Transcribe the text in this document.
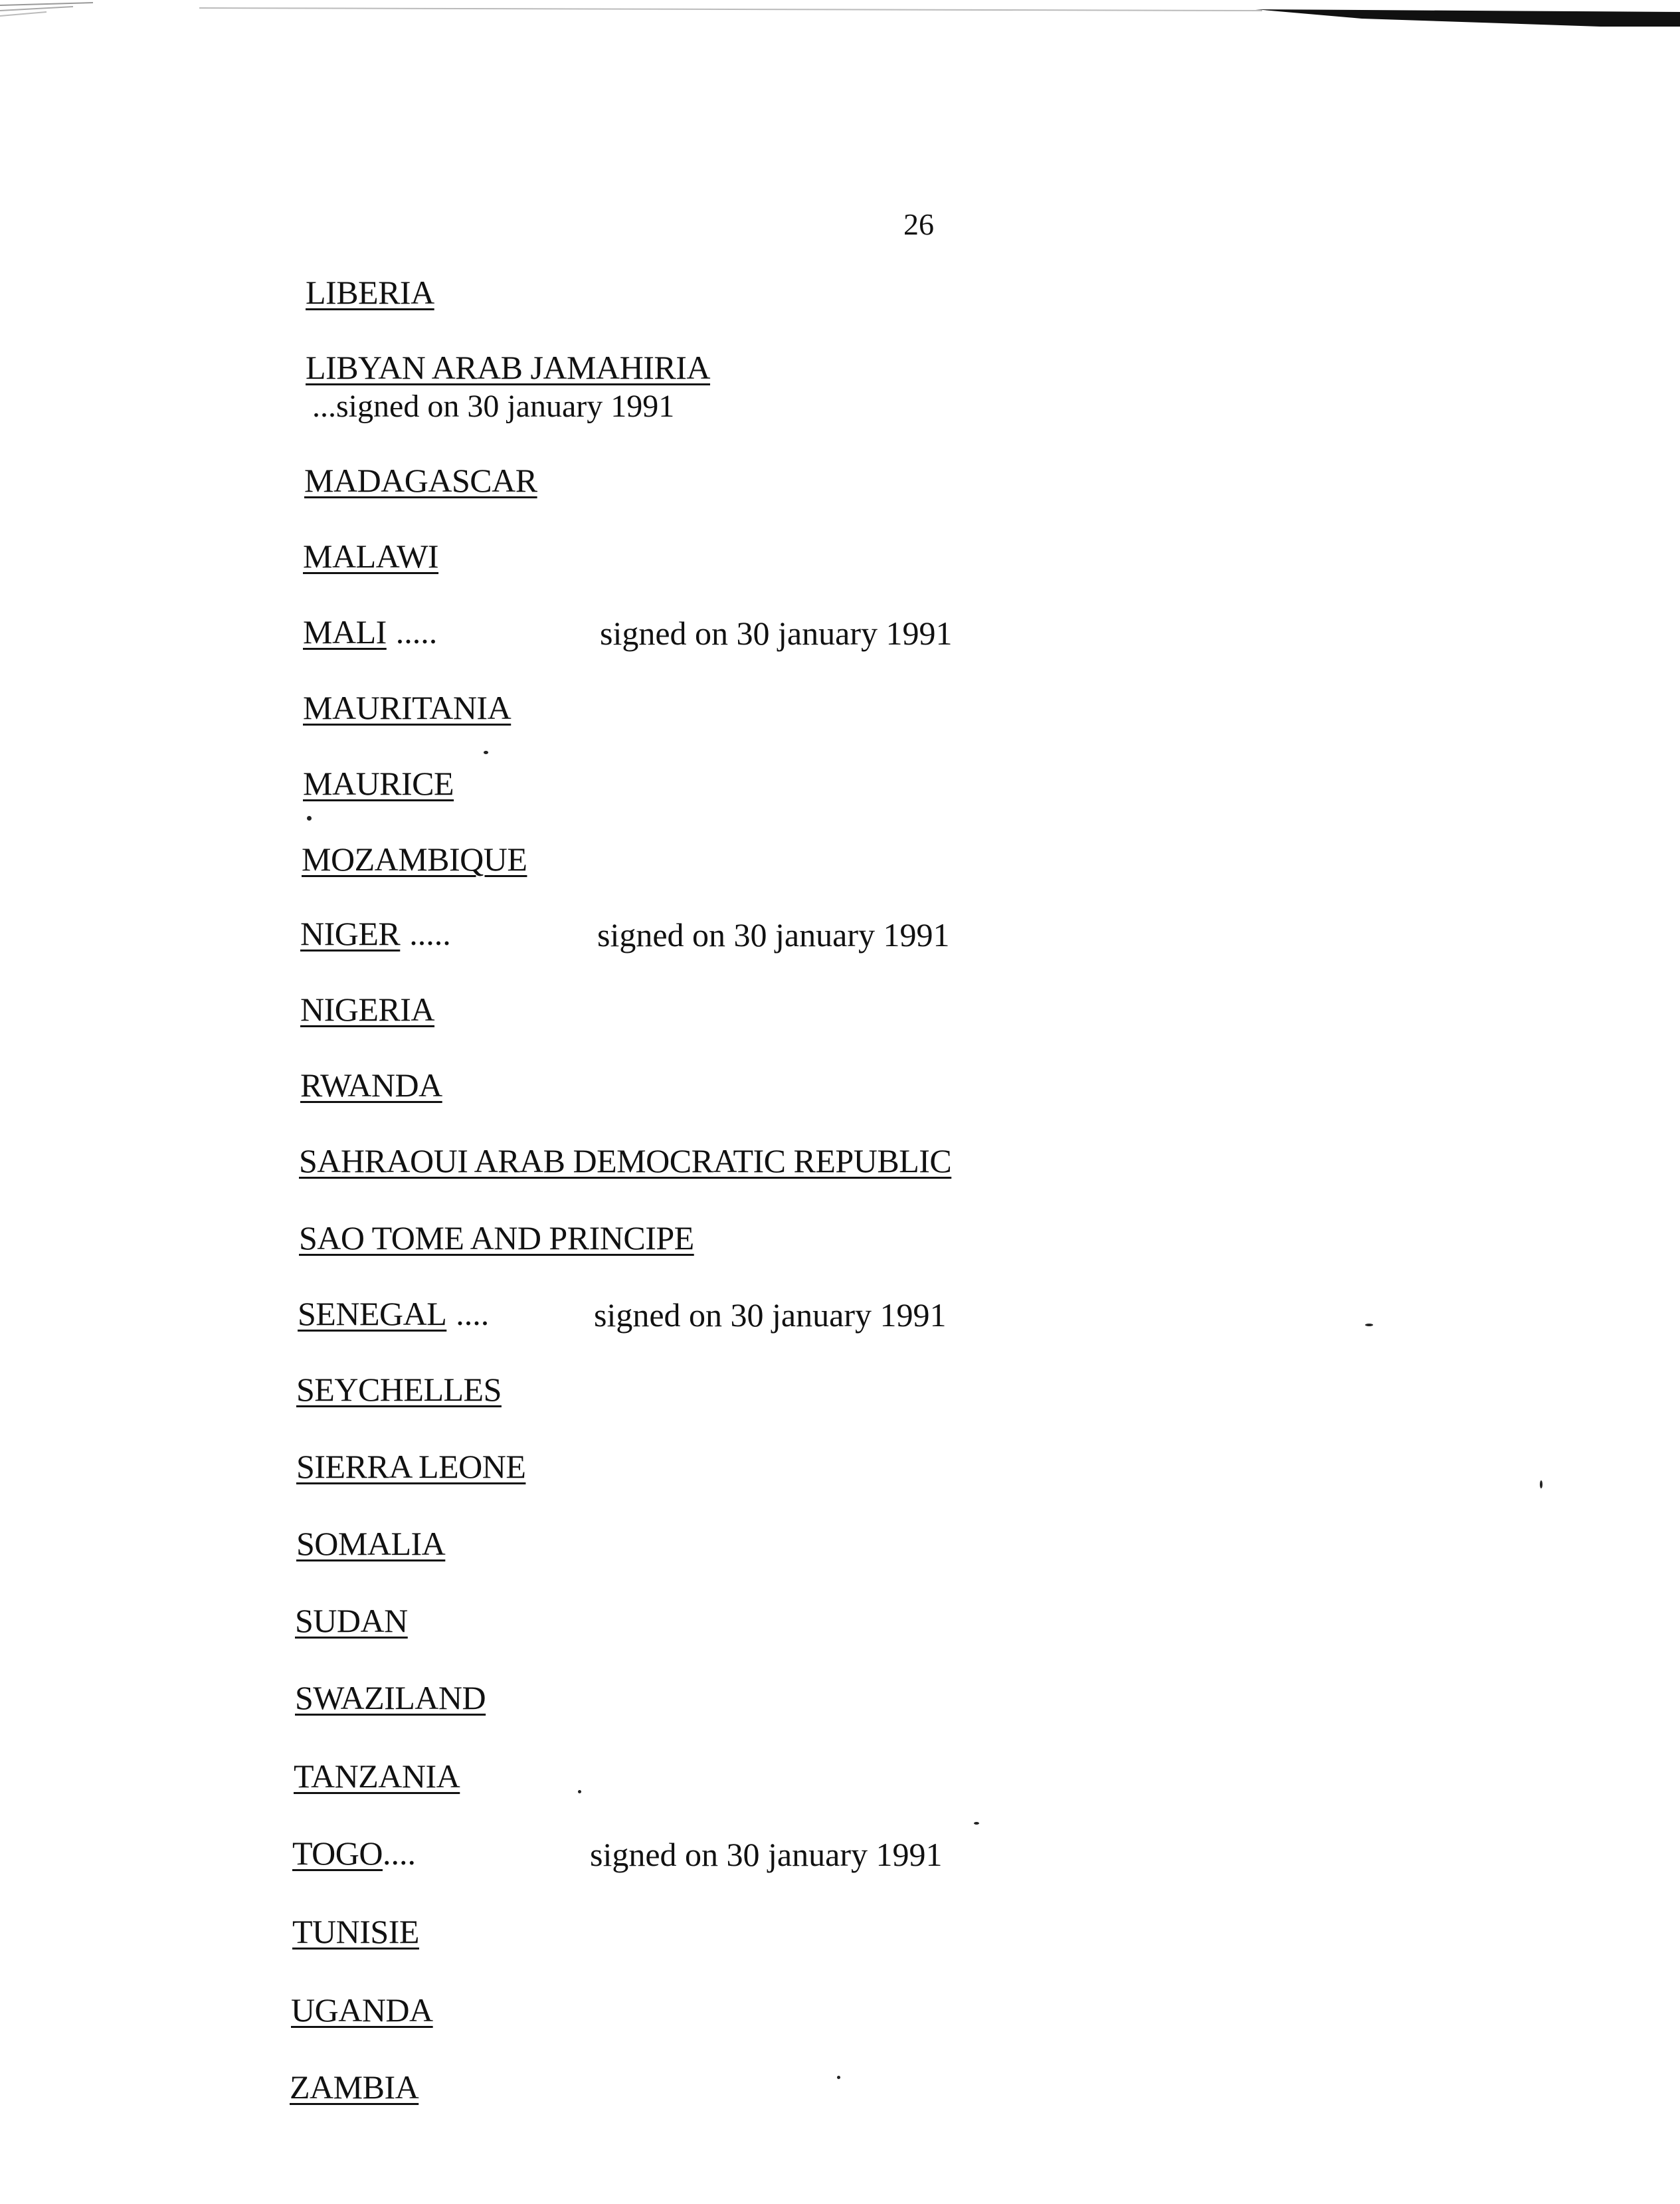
26
LIBERIA
LIBYAN ARAB JAMAHIRIA
...signed on 30 january 1991
MADAGASCAR
MALAWI
MALI .....	signed on 30 january 1991
MAURITANIA
MAURICE
MOZAMBIQUE
NIGER .....	signed on 30 january 1991
NIGERIA
RWANDA
SAHRAOUI ARAB DEMOCRATIC REPUBLIC
SAO TOME AND PRINCIPE
SENEGAL ....	signed on 30 january 1991
SEYCHELLES
SIERRA LEONE
SOMALIA
SUDAN
SWAZILAND
TANZANIA
TOGO....	signed on 30 january 1991
TUNISIE
UGANDA
ZAMBIA
